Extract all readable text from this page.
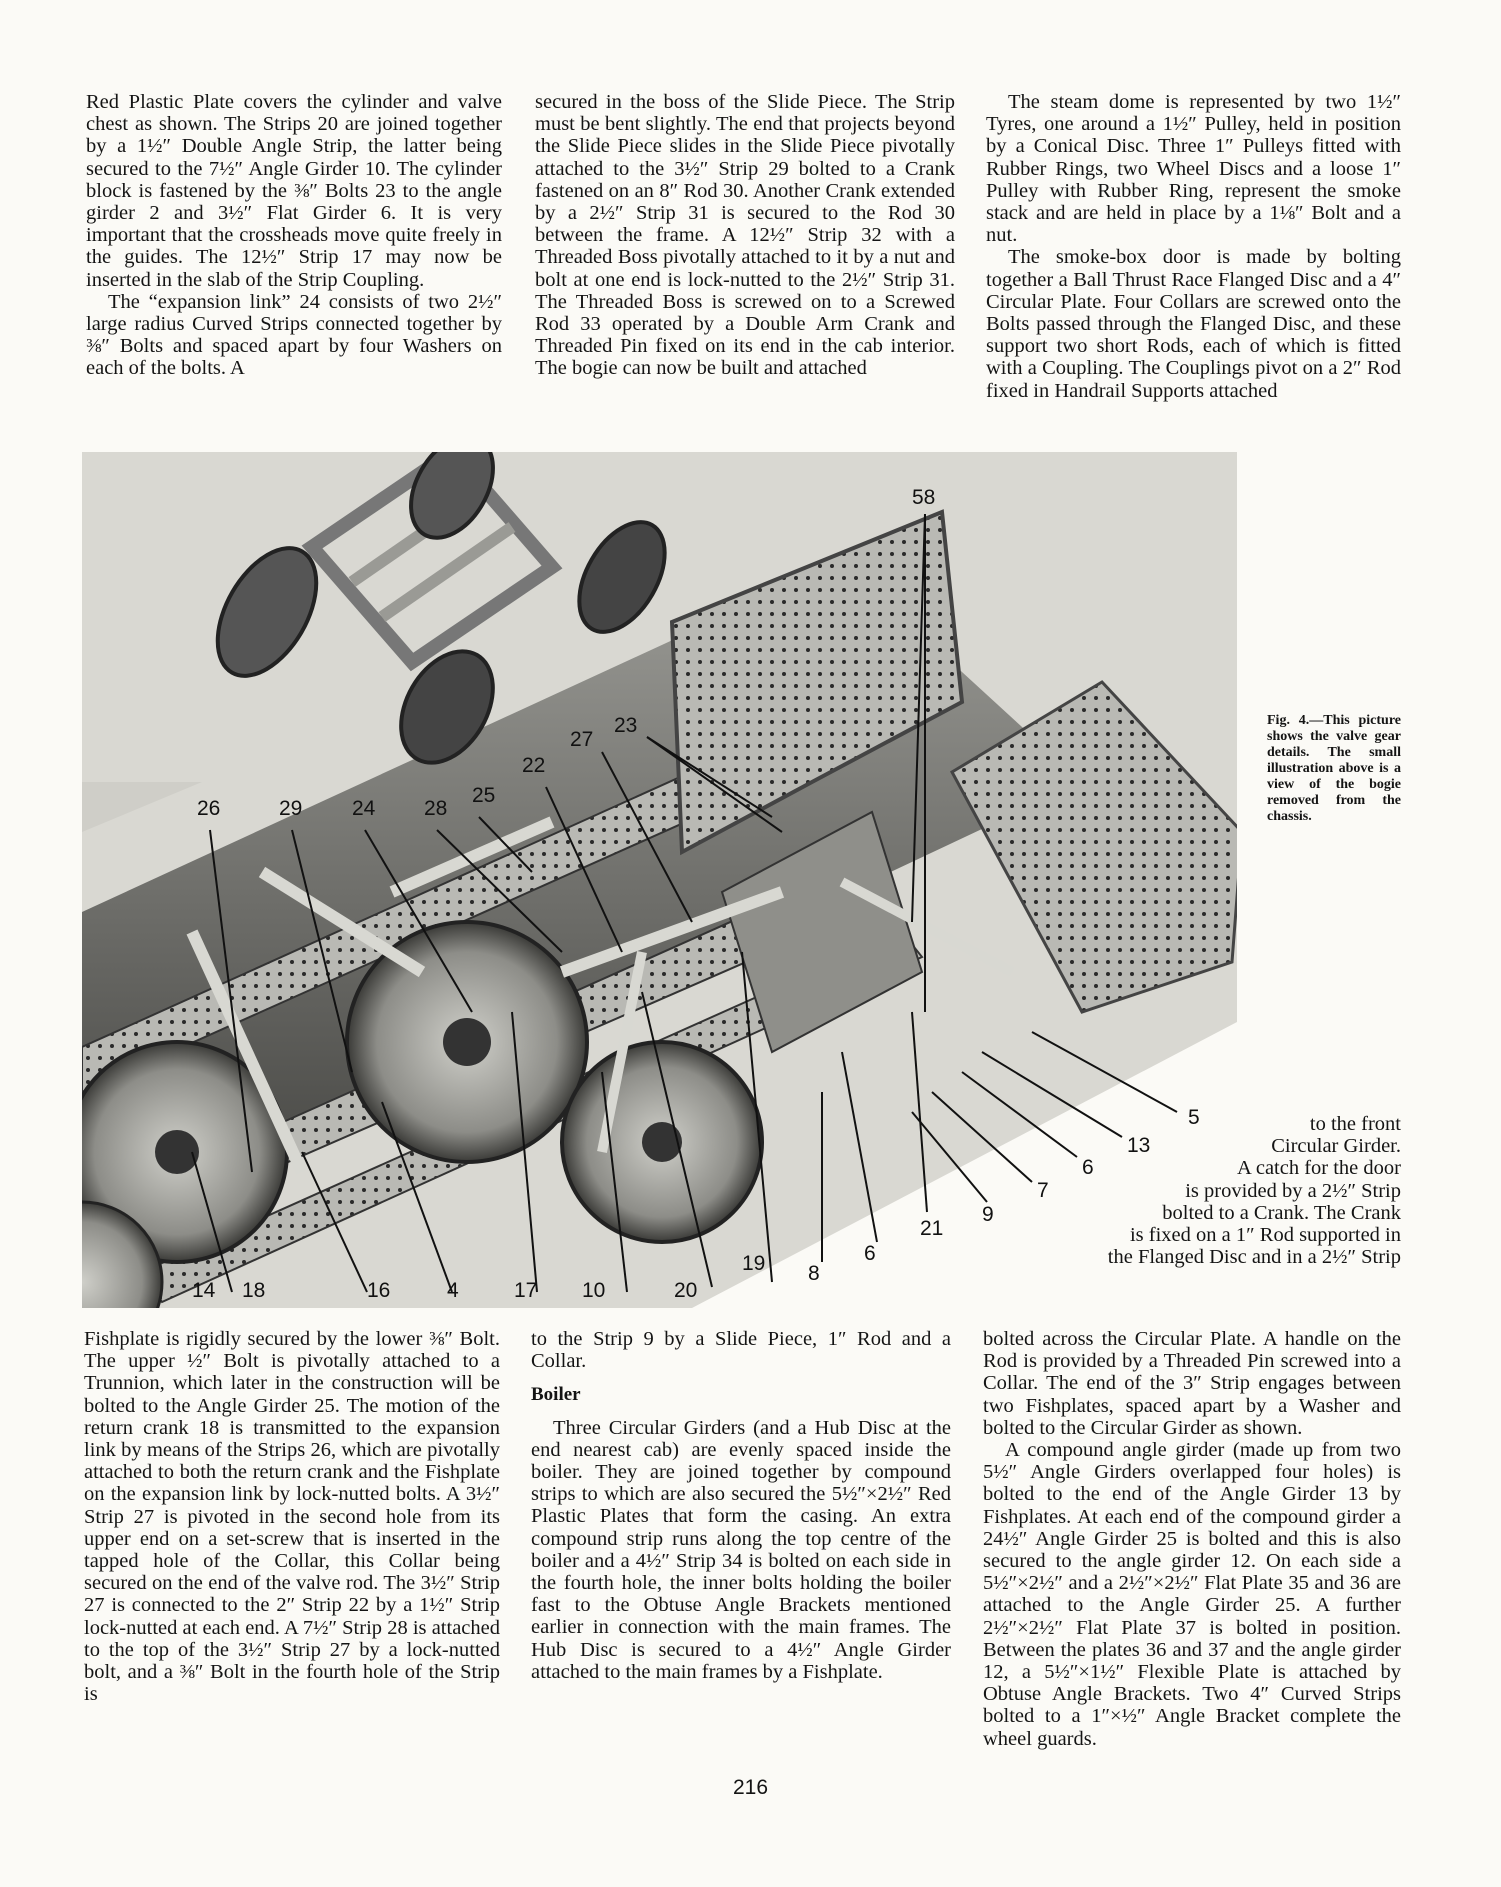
Red Plastic Plate covers the cylinder and valve chest as shown. The Strips 20 are joined together by a 1½″ Double Angle Strip, the latter being secured to the 7½″ Angle Girder 10. The cylinder block is fastened by the ⅜″ Bolts 23 to the angle girder 2 and 3½″ Flat Girder 6. It is very important that the crossheads move quite freely in the guides. The 12½″ Strip 17 may now be inserted in the slab of the Strip Coupling.

The “expansion link” 24 consists of two 2½″ large radius Curved Strips connected together by ⅜″ Bolts and spaced apart by four Washers on each of the bolts. A

secured in the boss of the Slide Piece. The Strip must be bent slightly. The end that projects beyond the Slide Piece slides in the Slide Piece pivotally attached to the 3½″ Strip 29 bolted to a Crank fastened on an 8″ Rod 30. Another Crank extended by a 2½″ Strip 31 is secured to the Rod 30 between the frame. A 12½″ Strip 32 with a Threaded Boss pivotally attached to it by a nut and bolt at one end is lock-nutted to the 2½″ Strip 31. The Threaded Boss is screwed on to a Screwed Rod 33 operated by a Double Arm Crank and Threaded Pin fixed on its end in the cab interior. The bogie can now be built and attached

The steam dome is represented by two 1½″ Tyres, one around a 1½″ Pulley, held in position by a Conical Disc. Three 1″ Pulleys fitted with Rubber Rings, two Wheel Discs and a loose 1″ Pulley with Rubber Ring, represent the smoke stack and are held in place by a 1⅛″ Bolt and a nut.

The smoke-box door is made by bolting together a Ball Thrust Race Flanged Disc and a 4″ Circular Plate. Four Collars are screwed onto the Bolts passed through the Flanged Disc, and these support two short Rods, each of which is fitted with a Coupling. The Couplings pivot on a 2″ Rod fixed in Handrail Supports attached

58
26	29 24 28
25
22
27
23
5
13
6
7
9
21
6
8
19
20
10
17
4
16
18
14
Fig. 4.—This picture shows the valve gear details. The small illustration above is a view of the bogie removed from the chassis.
to the front
Circular Girder.
A catch for the door
is provided by a 2½″ Strip
bolted to a Crank. The Crank
is fixed on a 1″ Rod supported in
the Flanged Disc and in a 2½″ Strip

Fishplate is rigidly secured by the lower ⅜″ Bolt. The upper ½″ Bolt is pivotally attached to a Trunnion, which later in the construction will be bolted to the Angle Girder 25. The motion of the return crank 18 is transmitted to the expansion link by means of the Strips 26, which are pivotally attached to both the return crank and the Fishplate on the expansion link by lock-nutted bolts. A 3½″ Strip 27 is pivoted in the second hole from its upper end on a set-screw that is inserted in the tapped hole of the Collar, this Collar being secured on the end of the valve rod. The 3½″ Strip 27 is connected to the 2″ Strip 22 by a 1½″ Strip lock-nutted at each end. A 7½″ Strip 28 is attached to the top of the 3½″ Strip 27 by a lock-nutted bolt, and a ⅜″ Bolt in the fourth hole of the Strip is

to the Strip 9 by a Slide Piece, 1″ Rod and a Collar.

Boiler

Three Circular Girders (and a Hub Disc at the end nearest cab) are evenly spaced inside the boiler. They are joined together by compound strips to which are also secured the 5½″×2½″ Red Plastic Plates that form the casing. An extra compound strip runs along the top centre of the boiler and a 4½″ Strip 34 is bolted on each side in the fourth hole, the inner bolts holding the boiler fast to the Obtuse Angle Brackets mentioned earlier in connection with the main frames. The Hub Disc is secured to a 4½″ Angle Girder attached to the main frames by a Fishplate.

bolted across the Circular Plate. A handle on the Rod is provided by a Threaded Pin screwed into a Collar. The end of the 3″ Strip engages between two Fishplates, spaced apart by a Washer and bolted to the Circular Girder as shown.

A compound angle girder (made up from two 5½″ Angle Girders overlapped four holes) is bolted to the end of the Angle Girder 13 by Fishplates. At each end of the compound girder a 24½″ Angle Girder 25 is bolted and this is also secured to the angle girder 12. On each side a 5½″×2½″ and a 2½″×2½″ Flat Plate 35 and 36 are attached to the Angle Girder 25. A further 2½″×2½″ Flat Plate 37 is bolted in position. Between the plates 36 and 37 and the angle girder 12, a 5½″×1½″ Flexible Plate is attached by Obtuse Angle Brackets. Two 4″ Curved Strips bolted to a 1″×½″ Angle Bracket complete the wheel guards.

216
